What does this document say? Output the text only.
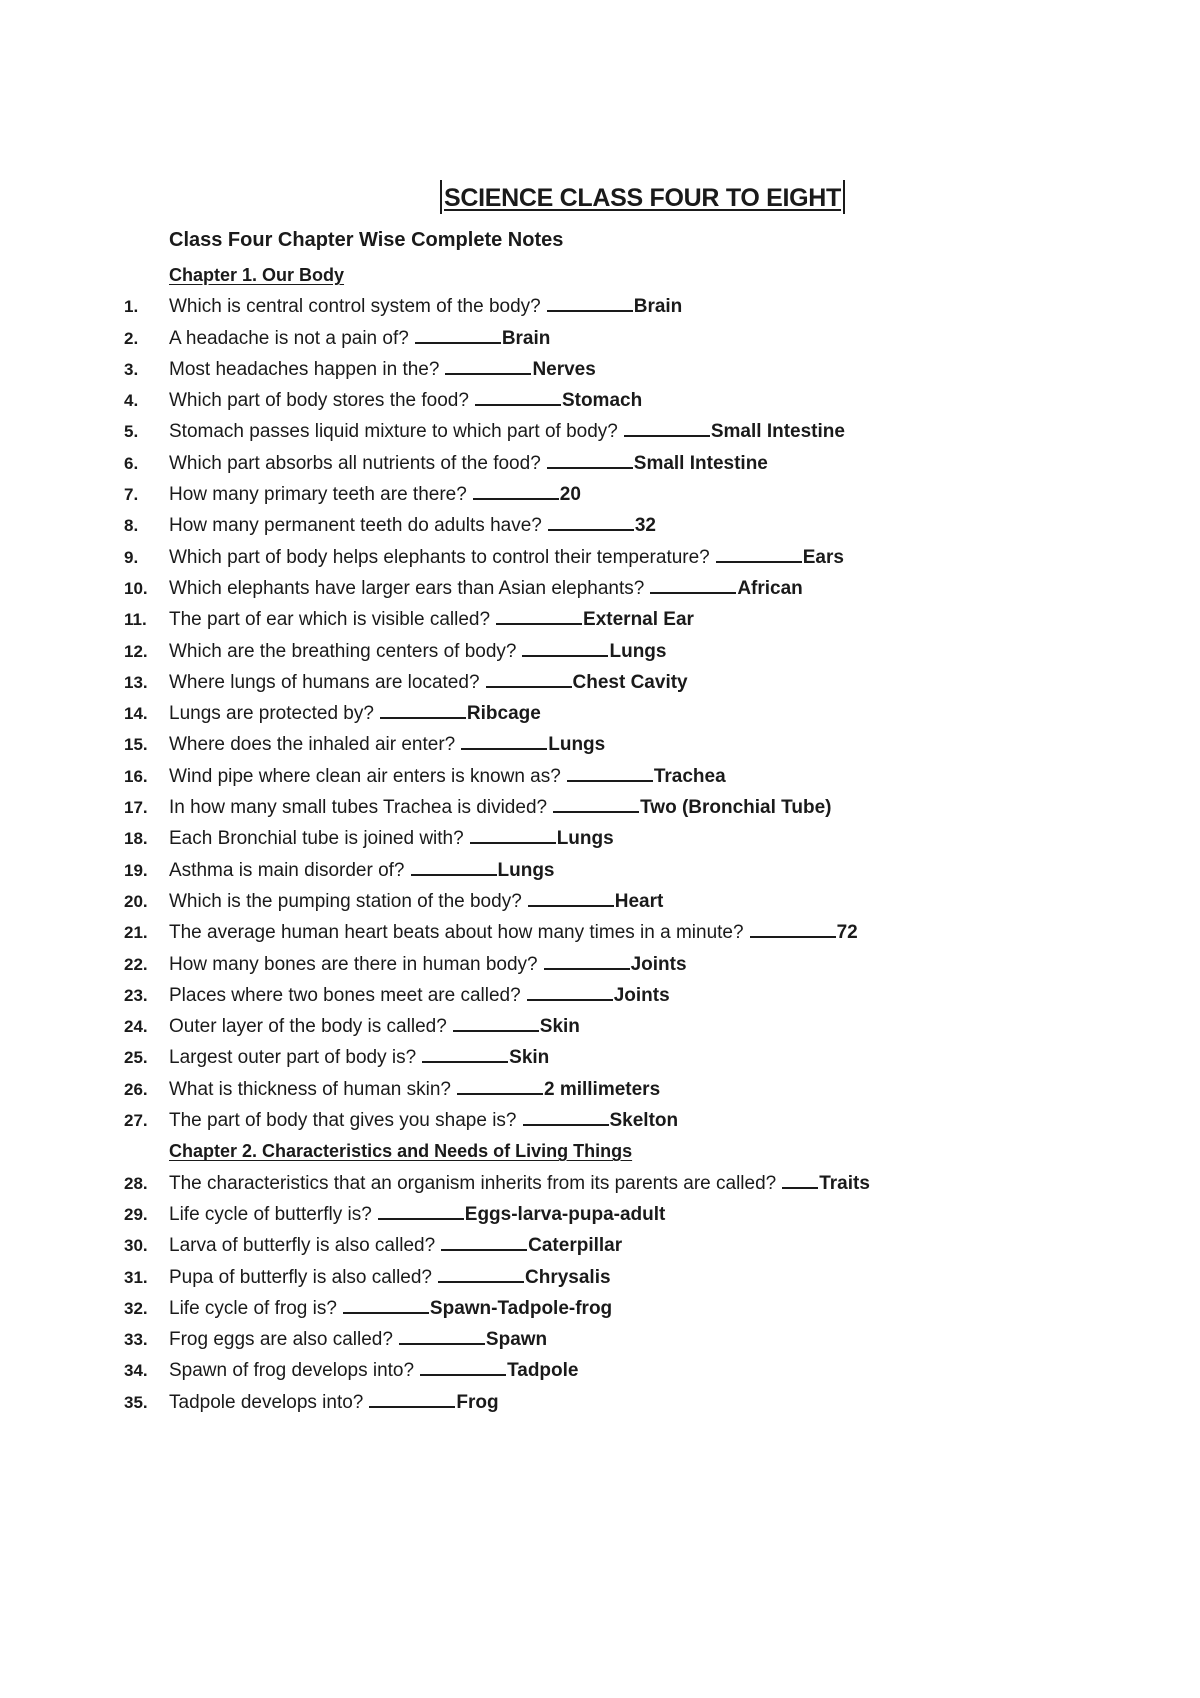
SCIENCE CLASS FOUR TO EIGHT
Class Four Chapter Wise Complete Notes
Chapter 1. Our Body
1.	Which is central control system of the body?	Brain
2.	A headache is not a pain of?	Brain
3.	Most headaches happen in the?	Nerves
4.	Which part of body stores the food?	Stomach
5.	Stomach passes liquid mixture to which part of body?	Small Intestine
6.	Which part absorbs all nutrients of the food?	Small Intestine
7.	How many primary teeth are there?	20
8.	How many permanent teeth do adults have?	32
9.	Which part of body helps elephants to control their temperature?	Ears
10.	Which elephants have larger ears than Asian elephants?	African
11.	The part of ear which is visible called?	External Ear
12.	Which are the breathing centers of body?	Lungs
13.	Where lungs of humans are located?	Chest Cavity
14.	Lungs are protected by?	Ribcage
15.	Where does the inhaled air enter?	Lungs
16.	Wind pipe where clean air enters is known as?	Trachea
17.	In how many small tubes Trachea is divided?	Two (Bronchial Tube)
18.	Each Bronchial tube is joined with?	Lungs
19.	Asthma is main disorder of?	Lungs
20.	Which is the pumping station of the body?	Heart
21.	The average human heart beats about how many times in a minute?	72
22.	How many bones are there in human body?	Joints
23.	Places where two bones meet are called?	Joints
24.	Outer layer of the body is called?	Skin
25.	Largest outer part of body is?	Skin
26.	What is thickness of human skin?	2 millimeters
27.	The part of body that gives you shape is?	Skelton
Chapter 2. Characteristics and Needs of Living Things
28.	The characteristics that an organism inherits from its parents are called? Traits
29.	Life cycle of butterfly is?	Eggs-larva-pupa-adult
30.	Larva of butterfly is also called?	Caterpillar
31.	Pupa of butterfly is also called?	Chrysalis
32.	Life cycle of frog is?	Spawn-Tadpole-frog
33.	Frog eggs are also called?	Spawn
34.	Spawn of frog develops into?	Tadpole
35.	Tadpole develops into?	Frog
